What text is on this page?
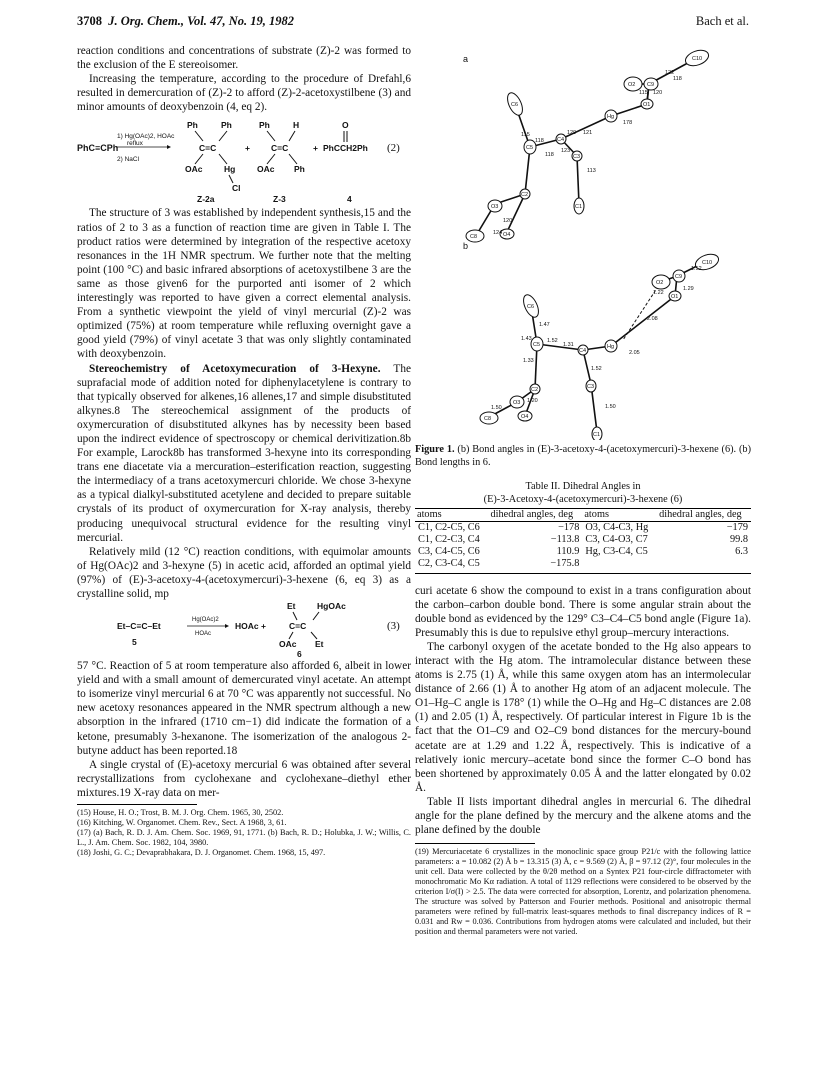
3708 J. Org. Chem., Vol. 47, No. 19, 1982	Bach et al.

reaction conditions and concentrations of substrate (Z)-2 was formed to the exclusion of the E stereoisomer.

Increasing the temperature, according to the procedure of Drefahl,6 resulted in demercuration of (Z)-2 to afford (Z)-2-acetoxystilbene (3) and minor amounts of deoxybenzoin (4, eq 2).

PhC≡CPh
1) Hg(OAc)2, HOAc
reflux
2) NaCl
Ph	Ph
C=C
OAc	Hg
Cl
Z-2a
+
Ph	H
C=C
OAc Ph
Z-3
+
O
PhCCH2Ph
4
(2)

The structure of 3 was established by independent synthesis,15 and the ratios of 2 to 3 as a function of reaction time are given in Table I. The product ratios were determined by integration of the respective acetoxy resonances in the 1H NMR spectrum. We further note that the melting point (100 °C) and basic infrared absorptions of acetoxystilbene 3 are the same as those given6 for the purported anti isomer of 2 which interestingly was reported to have given a correct elemental analysis. From a synthetic viewpoint the yield of vinyl mercurial (Z)-2 was optimized (75%) at room temperature while refluxing overnight gave a good yield (79%) of vinyl acetate 3 that was only slightly contaminated with deoxybenzoin.

Stereochemistry of Acetoxymecuration of 3-Hexyne. The suprafacial mode of addition noted for diphenylacetylene is contrary to that typically observed for alkenes,16 allenes,17 and simple disubstituted alkynes.8 The stereochemical assignment of the products of oxymercuration of disubstituted alkynes has by necessity been based upon the indirect evidence of spectroscopy or chemical derivitization.8b For example, Larock8b has transformed 3-hexyne into its corresponding trans ene diacetate via a mercuration–esterification reaction, suggesting the intermediacy of a trans acetoxymercuri chloride. We chose 3-hexyne as a typical dialkyl-substituted acetylene and decided to prepare suitable crystals of its product of oxymercuration for X-ray analysis, thereby producing unequivocal structural evidence for the resulting vinyl mercurial.

Relatively mild (12 °C) reaction conditions, with equimolar amounts of Hg(OAc)2 and 3-hexyne (5) in acetic acid, afforded an optimal yield (97%) of (E)-3-acetoxy-4-(acetoxymercuri)-3-hexene (6, eq 3) as a crystalline solid, mp

Et–C≡C–Et
5
Hg(OAc)2
HOAc
HOAc +
Et	HgOAc
C=C
OAc Et
6
(3)

57 °C. Reaction of 5 at room temperature also afforded 6, albeit in lower yield and with a small amount of demercurated vinyl acetate. An attempt to isomerize vinyl mercurial 6 at 70 °C was apparently not successful. No new acetoxy resonances appeared in the NMR spectrum although a new absorption in the infrared (1710 cm−1) did indicate the formation of a ketone, presumably 3-hexanone. The isomerization of the analogous 2-butyne adduct has been reported.18

A single crystal of (E)-acetoxy mercurial 6 was obtained after several recrystallizations from cyclohexane and cyclohexane–diethyl ether mixtures.19 X-ray data on mer-

(15) House, H. O.; Trost, B. M. J. Org. Chem. 1965, 30, 2502.
(16) Kitching, W. Organomet. Chem. Rev., Sect. A 1968, 3, 61.
(17) (a) Bach, R. D. J. Am. Chem. Soc. 1969, 91, 1771. (b) Bach, R. D.; Holubka, J. W.; Willis, C. L., J. Am. Chem. Soc. 1982, 104, 3980.
(18) Joshi, G. C.; Devaprabhakara, D. J. Organomet. Chem. 1968, 15, 497.
a
b
C10
O2 C9
O1
Hg
C6
C4
C3
C5
C1
C2
O3
O4
C8
122
118
120
115
129 121
178
113
115
118
123
118
120
124
C10
O2
C9
O1
Hg
C6
C4
C5
C3
C1
C2
O3
O4
C8
1.52
1.22
1.29
2.08
2.05
1.47
1.52
1.31
1.43
1.52
1.33
1.50
1.20
1.50
Figure 1. (b) Bond angles in (E)-3-acetoxy-4-(acetoxymercuri)-3-hexene (6). (b) Bond lengths in 6.
Table II. Dihedral Angles in
(E)-3-Acetoxy-4-(acetoxymercuri)-3-hexene (6)
atoms	dihedral angles, deg	atoms	dihedral angles, deg
C1, C2-C5, C6	−178	O3, C4-C3, Hg	−179
C1, C2-C3, C4	−113.8	C3, C4-O3, C7	99.8
C3, C4-C5, C6	110.9	Hg, C3-C4, C5	6.3
C2, C3-C4, C5	−175.8		

curi acetate 6 show the compound to exist in a trans configuration about the carbon–carbon double bond. There is some angular strain about the double bond as evidenced by the 129° C3–C4–C5 bond angle (Figure 1a). Presumably this is due to repulsive ethyl group–mercury interactions.

The carbonyl oxygen of the acetate bonded to the Hg also appears to interact with the Hg atom. The intramolecular distance between these atoms is 2.75 (1) Å, while this same oxygen atom has an intermolecular distance of 2.66 (1) Å to another Hg atom of an adjacent molecule. The O1–Hg–C angle is 178° (1) while the O–Hg and Hg–C distances are 2.08 (1) and 2.05 (1) Å, respectively. Of particular interest in Figure 1b is the fact that the O1–C9 and O2–C9 bond distances for the mercury-bound acetate are at 1.29 and 1.22 Å, respectively. This is indicative of a relatively ionic mercury–acetate bond since the former C–O bond has been shortened by approximately 0.05 Å and the latter elongated by 0.02 Å.

Table II lists important dihedral angles in mercurial 6. The dihedral angle for the plane defined by the mercury and the alkene atoms and the plane defined by the double

(19) Mercuriacetate 6 crystallizes in the monoclinic space group P21/c with the following lattice parameters: a = 10.082 (2) Å b = 13.315 (3) Å, c = 9.569 (2) Å, β = 97.12 (2)°, four molecules in the unit cell. Data were collected by the θ/2θ method on a Syntex P21 four-circle diffractometer with monochromatic Mo Kα radiation. A total of 1129 reflections were considered to be observed by the criterion I/σ(I) > 2.5. The data were corrected for absorption, Lorentz, and polarization phenomena. The structure was solved by Patterson and Fourier methods. Positional and anisotropic thermal parameters were refined by full-matrix least-squares methods to final discrepancy indices of R = 0.031 and Rw = 0.036. Contributions from hydrogen atoms were calculated and included, but their position and thermal parameters were not varied.
